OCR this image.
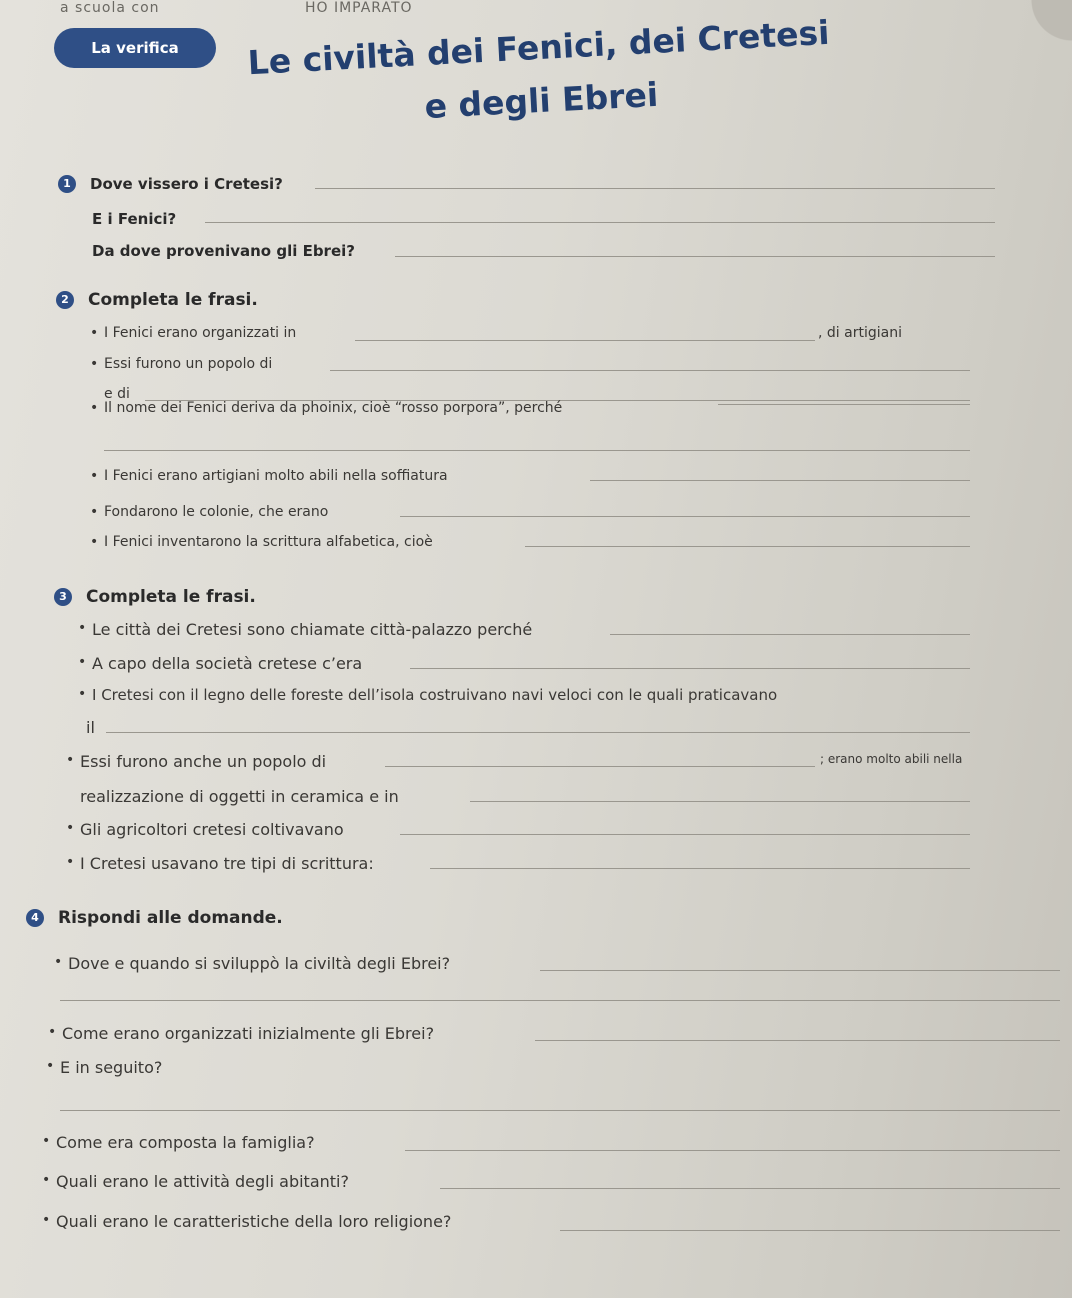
a scuola con	HO IMPARATO
La verifica	Le civiltà dei Fenici, dei Cretesi
e degli Ebrei
1 Dove vissero i Cretesi?
E i Fenici?
Da dove provenivano gli Ebrei?
2 Completa le frasi.
• I Fenici erano organizzati in	, di artigiani
• Essi furono un popolo di
e di
• Il nome dei Fenici deriva da phoinix, cioè “rosso porpora”, perché
• I Fenici erano artigiani molto abili nella soffiatura
• Fondarono le colonie, che erano
• I Fenici inventarono la scrittura alfabetica, cioè
3 Completa le frasi.
• Le città dei Cretesi sono chiamate città-palazzo perché
• A capo della società cretese c’era
• I Cretesi con il legno delle foreste dell’isola costruivano navi veloci con le quali praticavano
il
• Essi furono anche un popolo di	; erano molto abili nella
realizzazione di oggetti in ceramica e in
• Gli agricoltori cretesi coltivavano
• I Cretesi usavano tre tipi di scrittura:
4 Rispondi alle domande.
• Dove e quando si sviluppò la civiltà degli Ebrei?
• Come erano organizzati inizialmente gli Ebrei?
• E in seguito?
• Come era composta la famiglia?
• Quali erano le attività degli abitanti?
• Quali erano le caratteristiche della loro religione?
